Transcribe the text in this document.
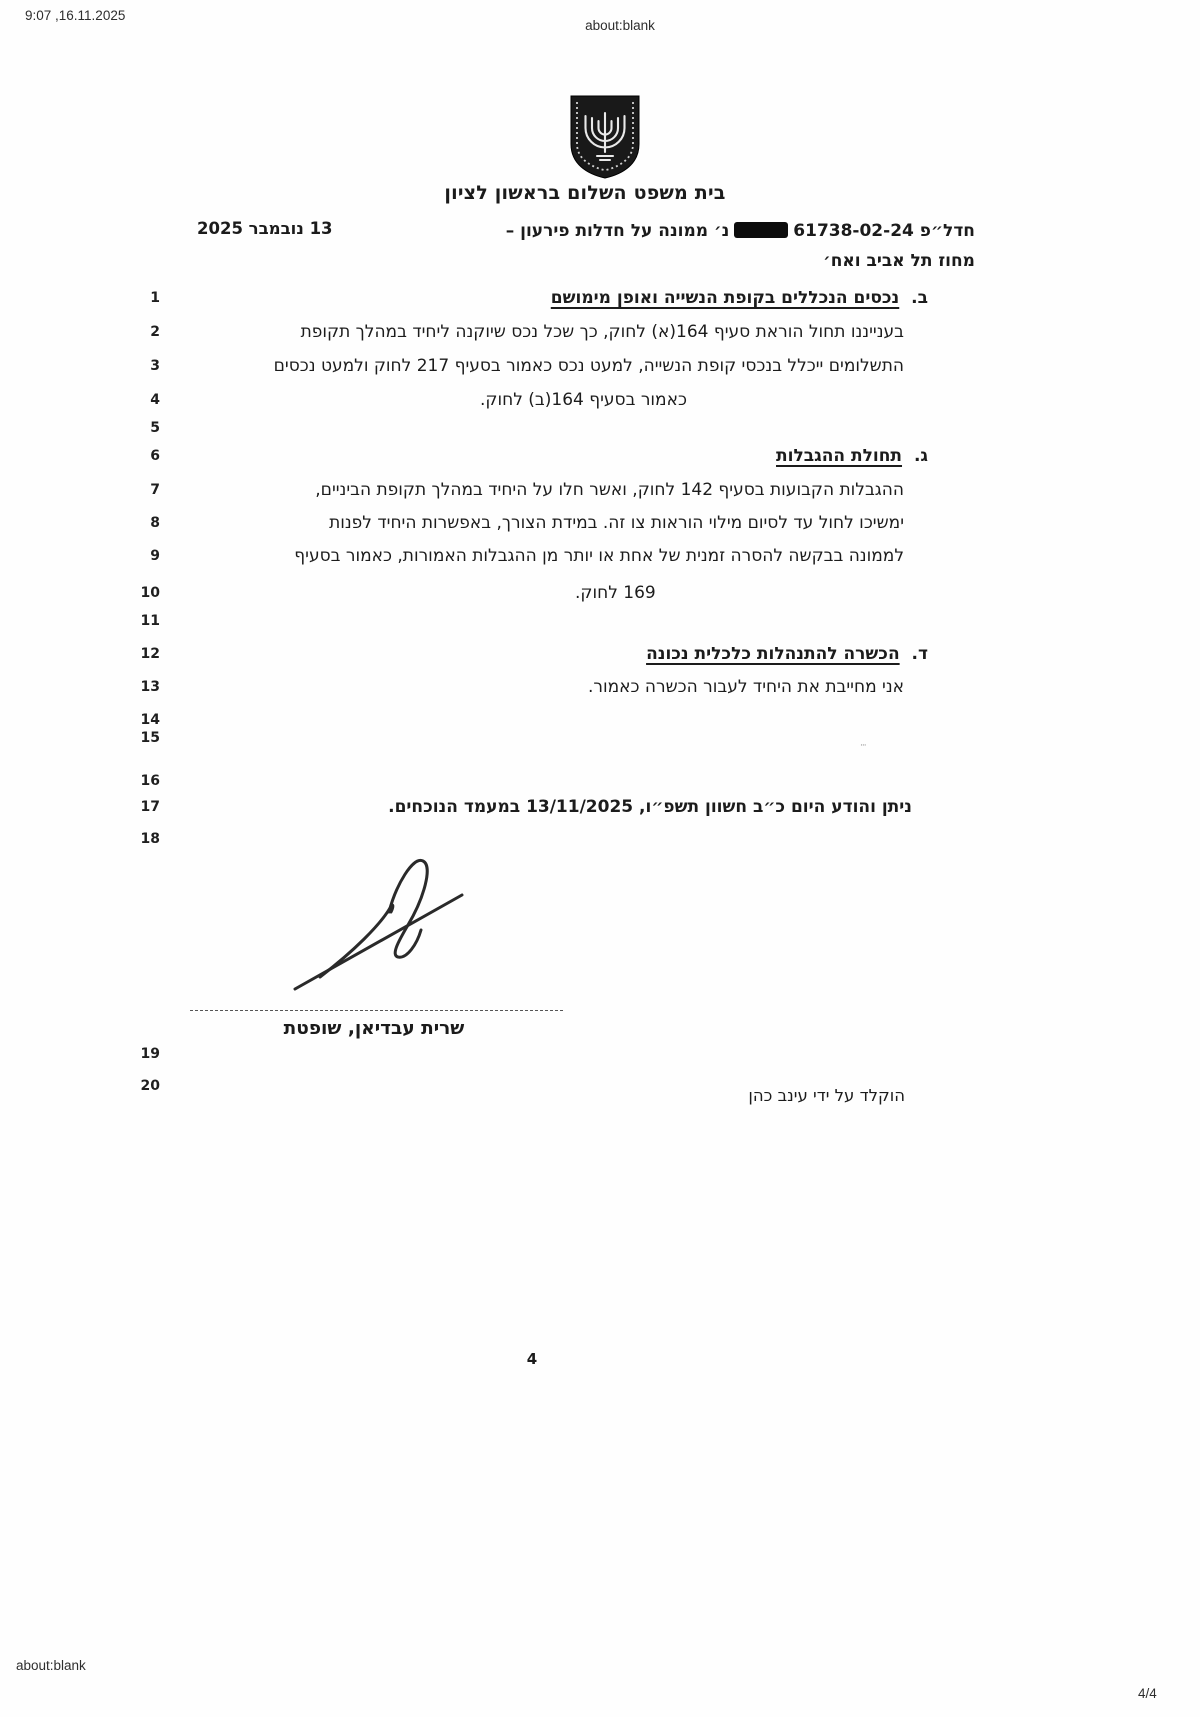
9:07 ,16.11.2025
about:blank
בית משפט השלום בראשון לציון
חדל״פ 61738-02-24נ׳ ממונה על חדלות פירעון –
13 נובמבר 2025
מחוז תל אביב ואח׳
1
2
3
4
5
6
7
8
9
10
11
12
13
14
15
16
17
18
19
20
ב. נכסים הנכללים בקופת הנשייה ואופן מימושם
בענייננו תחול הוראת סעיף 164(א) לחוק, כך שכל נכס שיוקנה ליחיד במהלך תקופת
התשלומים ייכלל בנכסי קופת הנשייה, למעט נכס כאמור בסעיף 217 לחוק ולמעט נכסים
כאמור בסעיף 164(ב) לחוק.
ג. תחולת ההגבלות
ההגבלות הקבועות בסעיף 142 לחוק, ואשר חלו על היחיד במהלך תקופת הביניים,
ימשיכו לחול עד לסיום מילוי הוראות צו זה. במידת הצורך, באפשרות היחיד לפנות
לממונה בבקשה להסרה זמנית של אחת או יותר מן ההגבלות האמורות, כאמור בסעיף
169 לחוק.
ד. הכשרה להתנהלות כלכלית נכונה
אני מחייבת את היחיד לעבור הכשרה כאמור.
···
ניתן והודע היום כ״ב חשוון תשפ״ו, 13/11/2025 במעמד הנוכחים.
שרית עבדיאן, שופטת
הוקלד על ידי עינב כהן
4
about:blank
4/4
